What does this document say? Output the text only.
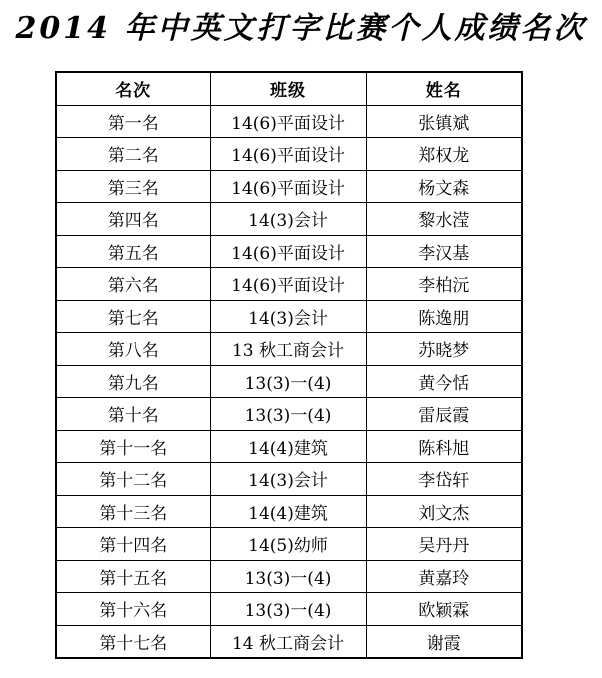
2014 年中英文打字比赛个人成绩名次
名次	班级	姓名
第一名	14(6)平面设计	张镇斌
第二名	14(6)平面设计	郑权龙
第三名	14(6)平面设计	杨文森
第四名	14(3)会计	黎水滢
第五名	14(6)平面设计	李汉基
第六名	14(6)平面设计	李柏沅
第七名	14(3)会计	陈逸朋
第八名	13 秋工商会计	苏晓梦
第九名	13(3)一(4)	黄今恬
第十名	13(3)一(4)	雷辰霞
第十一名	14(4)建筑	陈科旭
第十二名	14(3)会计	李岱轩
第十三名	14(4)建筑	刘文杰
第十四名	14(5)幼师	吴丹丹
第十五名	13(3)一(4)	黄嘉玲
第十六名	13(3)一(4)	欧颖霖
第十七名	14 秋工商会计	谢霞
